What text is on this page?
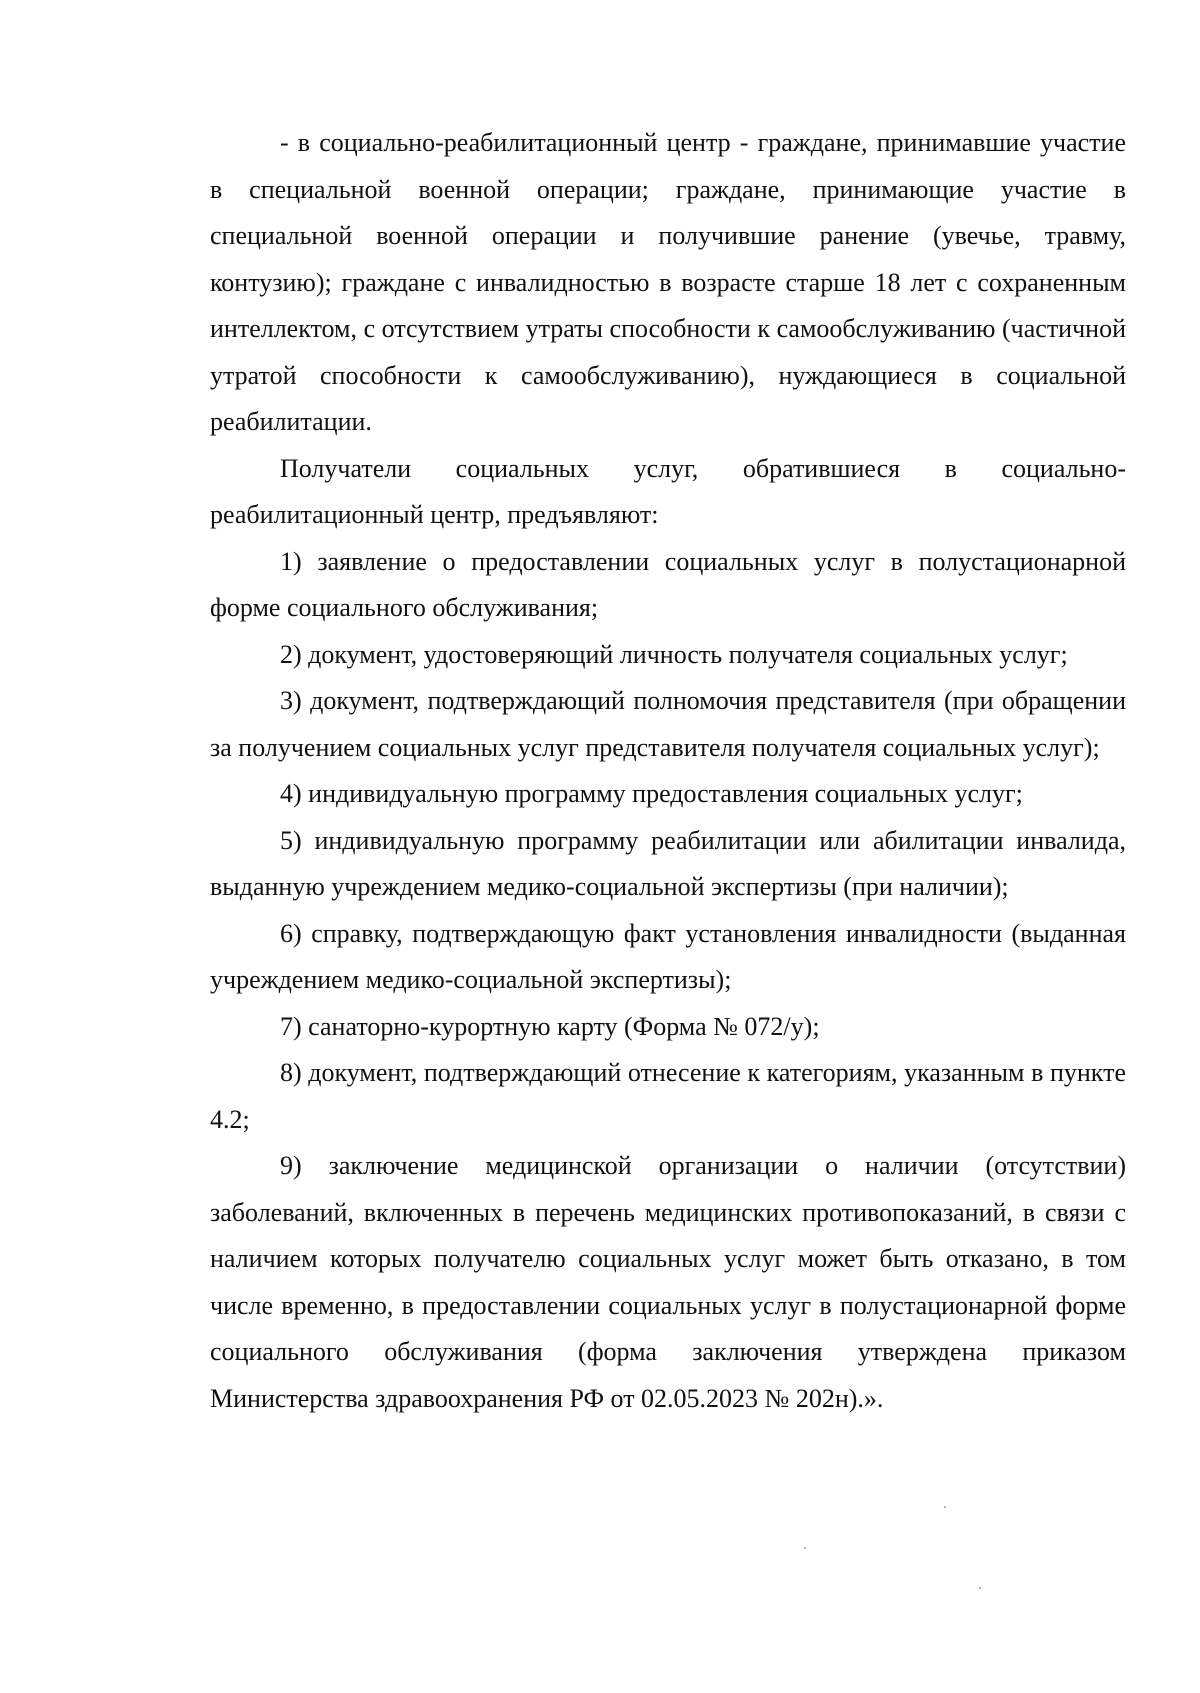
- в социально-реабилитационный центр - граждане, принимавшие участие в специальной военной операции; граждане, принимающие участие в специальной военной операции и получившие ранение (увечье, травму, контузию); граждане с инвалидностью в возрасте старше 18 лет с сохраненным интеллектом, с отсутствием утраты способности к самообслуживанию (частичной утратой способности к самообслуживанию), нуждающиеся в социальной реабилитации.

Получатели социальных услуг, обратившиеся в социально-реабилитационный центр, предъявляют:

1) заявление о предоставлении социальных услуг в полустационарной форме социального обслуживания;

2) документ, удостоверяющий личность получателя социальных услуг;

3) документ, подтверждающий полномочия представителя (при обращении за получением социальных услуг представителя получателя социальных услуг);

4) индивидуальную программу предоставления социальных услуг;

5) индивидуальную программу реабилитации или абилитации инвалида, выданную учреждением медико-социальной экспертизы (при наличии);

6) справку, подтверждающую факт установления инвалидности (выданная учреждением медико-социальной экспертизы);

7) санаторно-курортную карту (Форма № 072/у);

8) документ, подтверждающий отнесение к категориям, указанным в пункте 4.2;

9) заключение медицинской организации о наличии (отсутствии) заболеваний, включенных в перечень медицинских противопоказаний, в связи с наличием которых получателю социальных услуг может быть отказано, в том числе временно, в предоставлении социальных услуг в полустационарной форме социального обслуживания (форма заключения утверждена приказом Министерства здравоохранения РФ от 02.05.2023 № 202н).».
